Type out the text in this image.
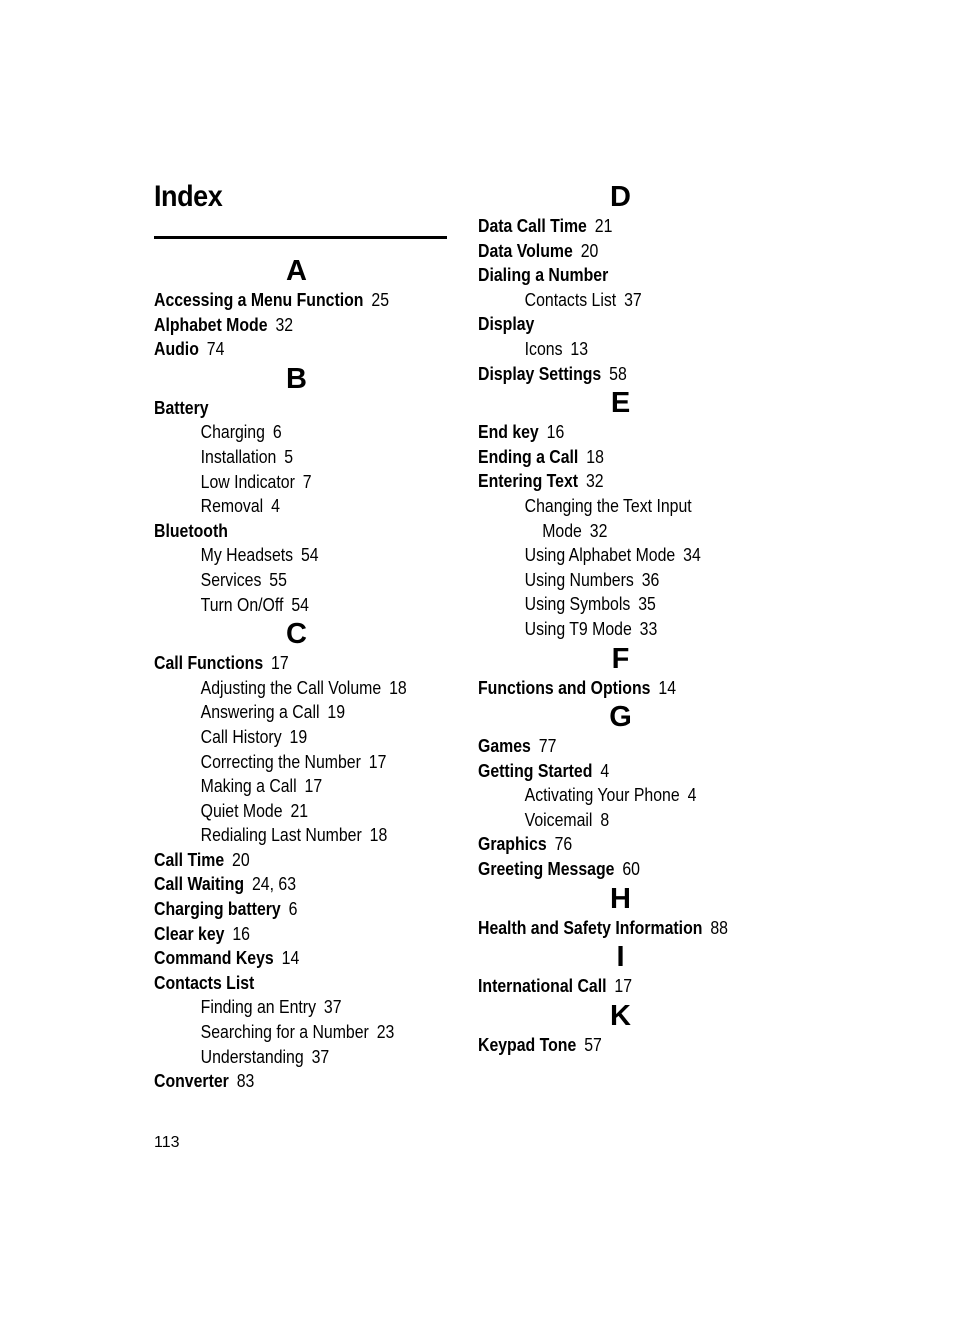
Index
A
Accessing a Menu Function 25
Alphabet Mode 32
Audio 74
B
Battery
Charging 6
Installation 5
Low Indicator 7
Removal 4
Bluetooth
My Headsets 54
Services 55
Turn On/Off 54
C
Call Functions 17
Adjusting the Call Volume 18
Answering a Call 19
Call History 19
Correcting the Number 17
Making a Call 17
Quiet Mode 21
Redialing Last Number 18
Call Time 20
Call Waiting 24, 63
Charging battery 6
Clear key 16
Command Keys 14
Contacts List
Finding an Entry 37
Searching for a Number 23
Understanding 37
Converter 83
D
Data Call Time 21
Data Volume 20
Dialing a Number
Contacts List 37
Display
Icons 13
Display Settings 58
E
End key 16
Ending a Call 18
Entering Text 32
Changing the Text Input
Mode 32
Using Alphabet Mode 34
Using Numbers 36
Using Symbols 35
Using T9 Mode 33
F
Functions and Options 14
G
Games 77
Getting Started 4
Activating Your Phone 4
Voicemail 8
Graphics 76
Greeting Message 60
H
Health and Safety Information 88
I
International Call 17
K
Keypad Tone 57
113
